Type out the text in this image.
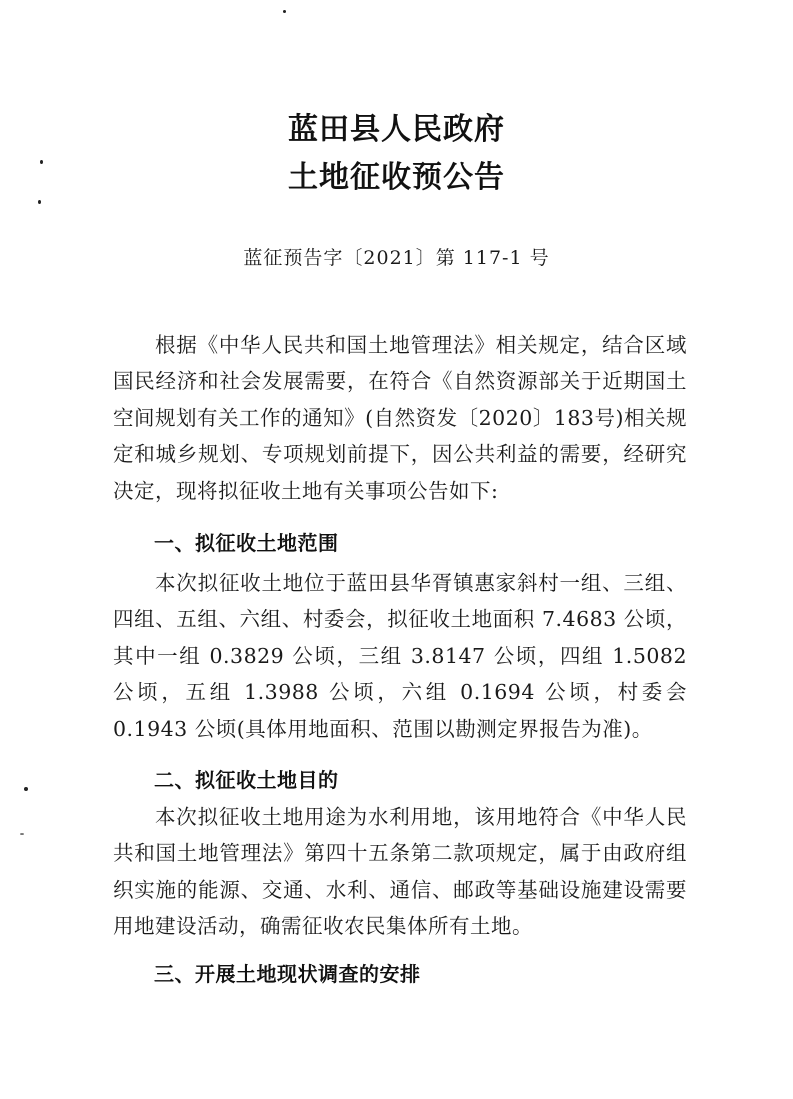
蓝田县人民政府
土地征收预公告
蓝征预告字〔2021〕第 117-1 号

根据《中华人民共和国土地管理法》相关规定，结合区域国民经济和社会发展需要，在符合《自然资源部关于近期国土空间规划有关工作的通知》(自然资发〔2020〕183号)相关规定和城乡规划、专项规划前提下，因公共利益的需要，经研究决定，现将拟征收土地有关事项公告如下:

一、拟征收土地范围

本次拟征收土地位于蓝田县华胥镇惠家斜村一组、三组、四组、五组、六组、村委会，拟征收土地面积 7.4683 公顷，其中一组 0.3829 公顷，三组 3.8147 公顷，四组 1.5082 公顷，五组 1.3988 公顷，六组 0.1694 公顷，村委会 0.1943 公顷(具体用地面积、范围以勘测定界报告为准)。

二、拟征收土地目的

本次拟征收土地用途为水利用地，该用地符合《中华人民共和国土地管理法》第四十五条第二款项规定，属于由政府组织实施的能源、交通、水利、通信、邮政等基础设施建设需要用地建设活动，确需征收农民集体所有土地。

三、开展土地现状调查的安排
